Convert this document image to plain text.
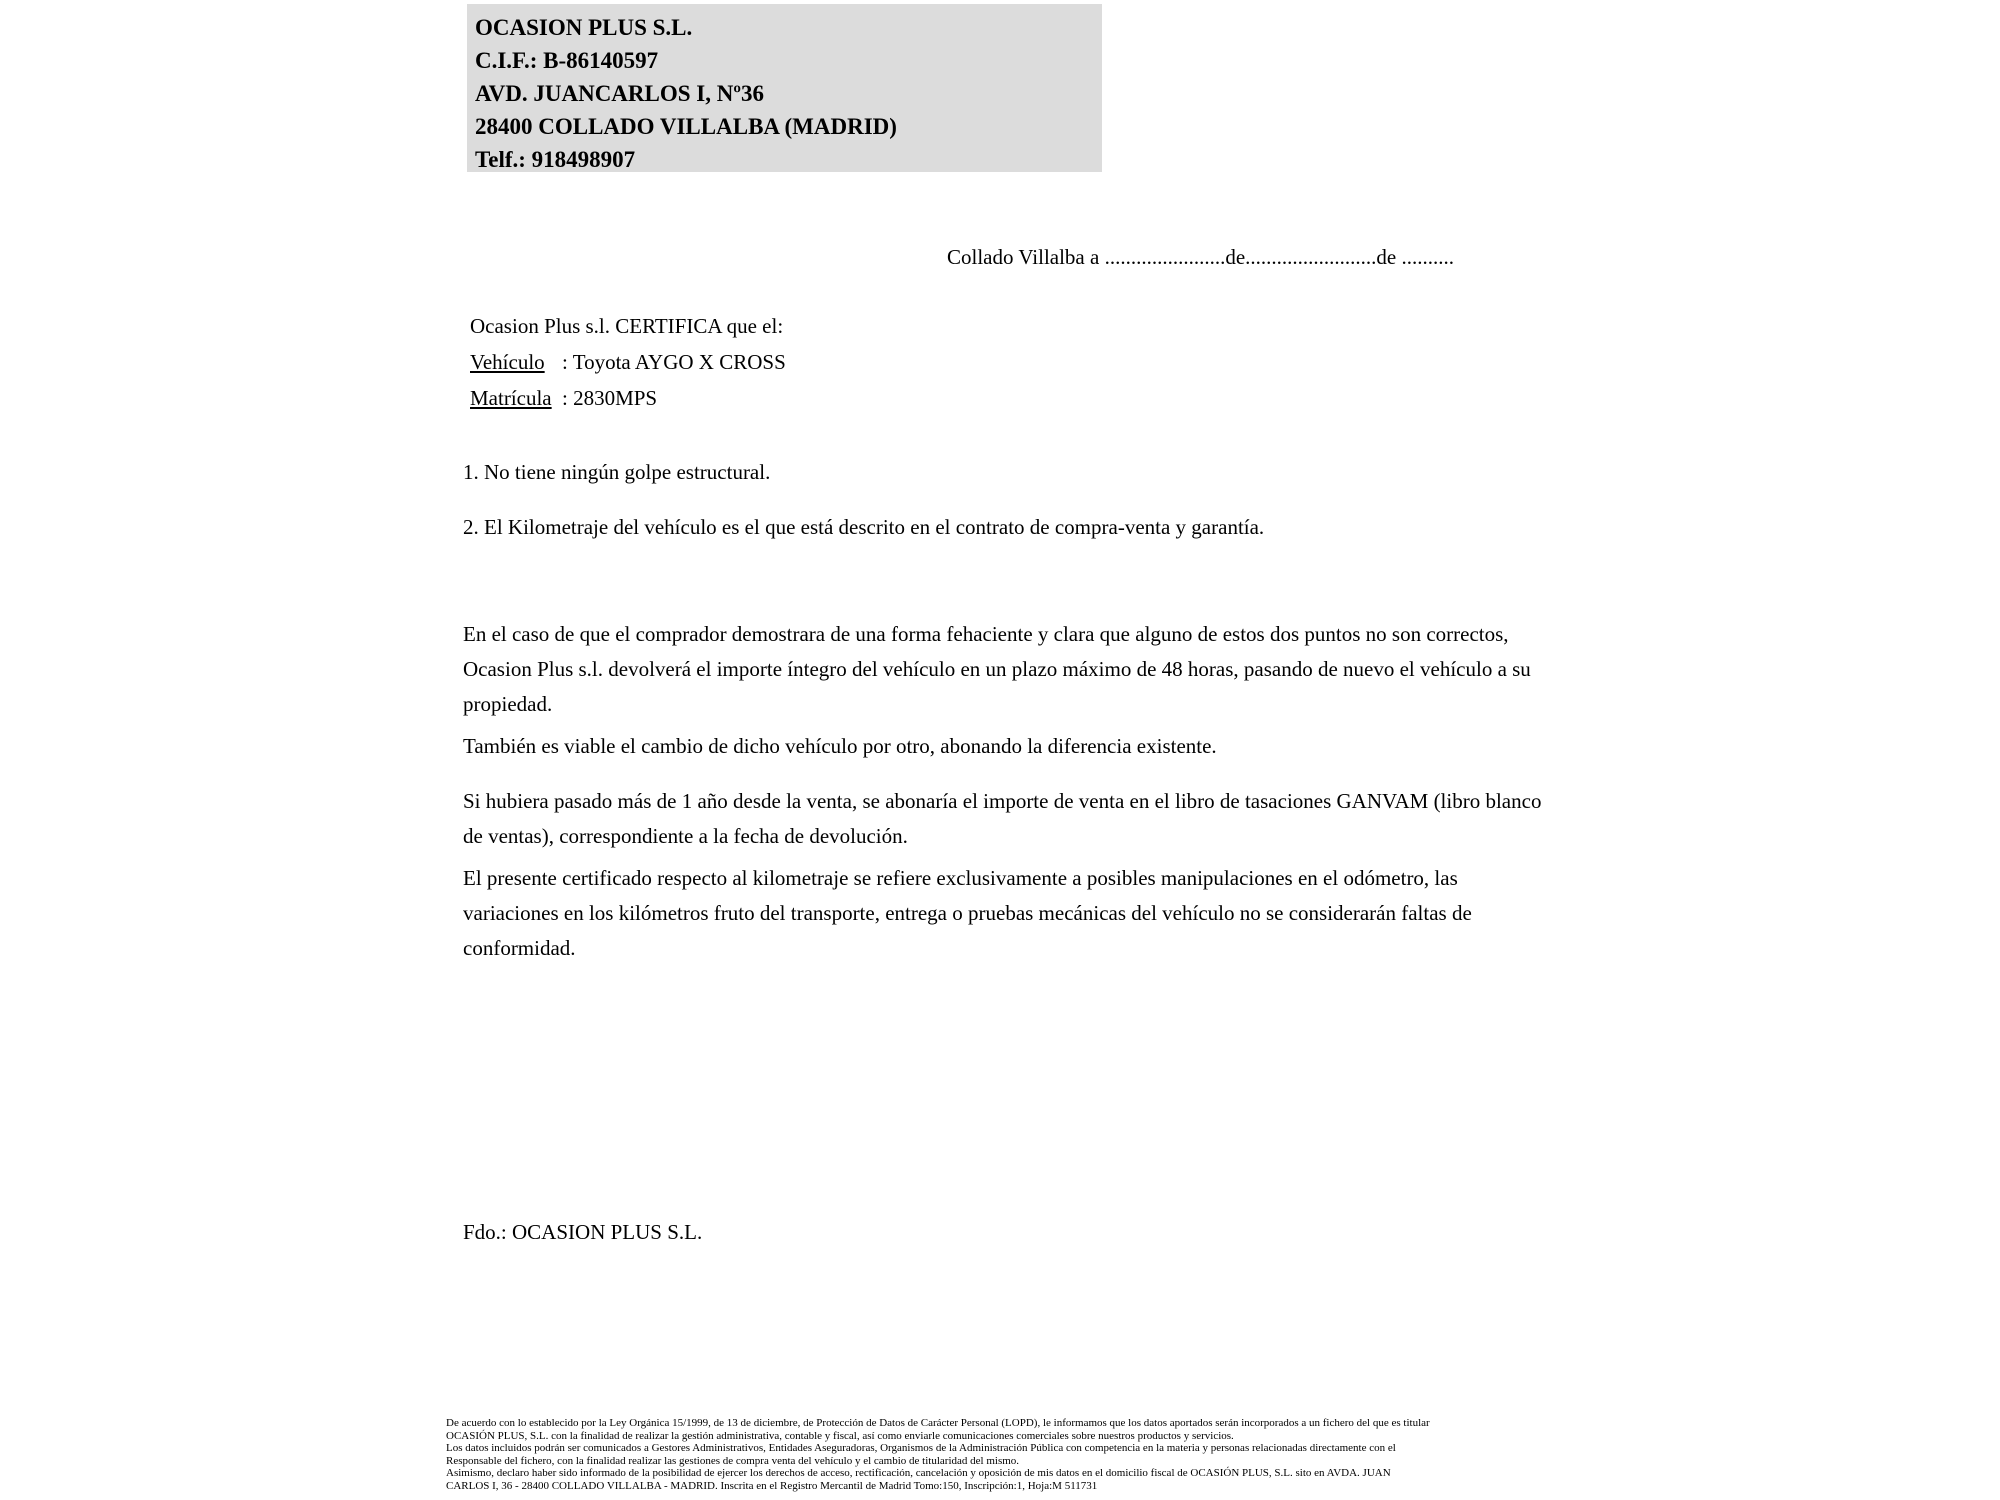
OCASION PLUS S.L.
C.I.F.: B-86140597
AVD. JUANCARLOS I, Nº36
28400 COLLADO VILLALBA (MADRID)
Telf.: 918498907
Collado Villalba a .......................de.........................de ..........
Ocasion Plus s.l. CERTIFICA que el:
Vehículo : Toyota AYGO X CROSS
Matrícula : 2830MPS
1. No tiene ningún golpe estructural.
2. El Kilometraje del vehículo es el que está descrito en el contrato de compra-venta y garantía.
En el caso de que el comprador demostrara de una forma fehaciente y clara que alguno de estos dos puntos no son correctos, Ocasion Plus s.l. devolverá el importe íntegro del vehículo en un plazo máximo de 48 horas, pasando de nuevo el vehículo a su propiedad.
También es viable el cambio de dicho vehículo por otro, abonando la diferencia existente.
Si hubiera pasado más de 1 año desde la venta, se abonaría el importe de venta en el libro de tasaciones GANVAM (libro blanco de ventas), correspondiente a la fecha de devolución.
El presente certificado respecto al kilometraje se refiere exclusivamente a posibles manipulaciones en el odómetro, las variaciones en los kilómetros fruto del transporte, entrega o pruebas mecánicas del vehículo no se considerarán faltas de conformidad.
Fdo.: OCASION PLUS S.L.
De acuerdo con lo establecido por la Ley Orgánica 15/1999, de 13 de diciembre, de Protección de Datos de Carácter Personal (LOPD), le informamos que los datos aportados serán incorporados a un fichero del que es titular
OCASIÓN PLUS, S.L. con la finalidad de realizar la gestión administrativa, contable y fiscal, así como enviarle comunicaciones comerciales sobre nuestros productos y servicios.
Los datos incluidos podrán ser comunicados a Gestores Administrativos, Entidades Aseguradoras, Organismos de la Administración Pública con competencia en la materia y personas relacionadas directamente con el
Responsable del fichero, con la finalidad realizar las gestiones de compra venta del vehículo y el cambio de titularidad del mismo.
Asimismo, declaro haber sido informado de la posibilidad de ejercer los derechos de acceso, rectificación, cancelación y oposición de mis datos en el domicilio fiscal de OCASIÓN PLUS, S.L. sito en AVDA. JUAN
CARLOS I, 36 - 28400 COLLADO VILLALBA - MADRID. Inscrita en el Registro Mercantil de Madrid Tomo:150, Inscripción:1, Hoja:M 511731
